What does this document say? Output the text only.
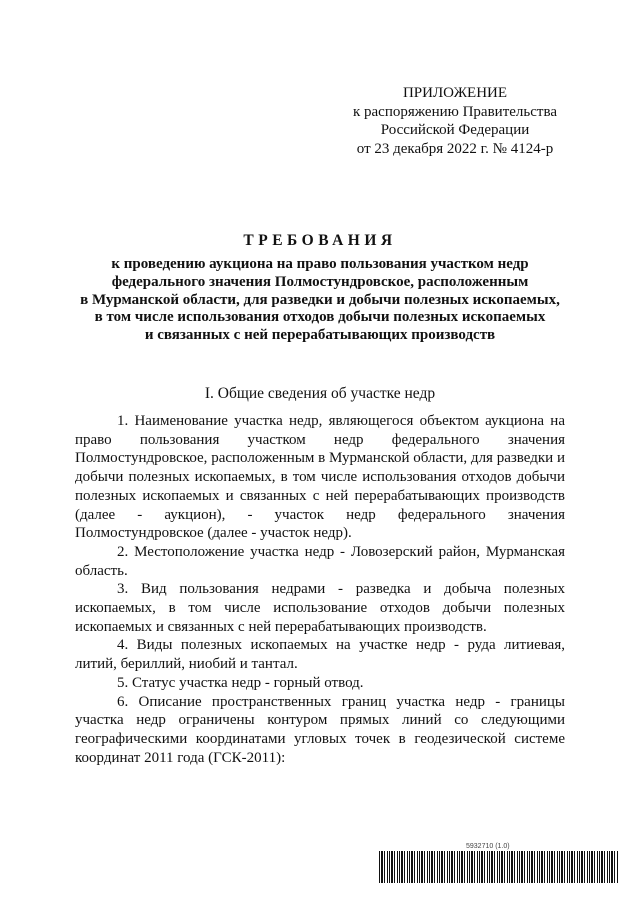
ПРИЛОЖЕНИЕ
к распоряжению Правительства
Российской Федерации
от 23 декабря 2022 г. № 4124-р
ТРЕБОВАНИЯ
к проведению аукциона на право пользования участком недр
федерального значения Полмостундровское, расположенным
в Мурманской области, для разведки и добычи полезных ископаемых,
в том числе использования отходов добычи полезных ископаемых
и связанных с ней перерабатывающих производств
I. Общие сведения об участке недр

1. Наименование участка недр, являющегося объектом аукциона на право пользования участком недр федерального значения Полмостундровское, расположенным в Мурманской области, для разведки и добычи полезных ископаемых, в том числе использования отходов добычи полезных ископаемых и связанных с ней перерабатывающих производств (далее - аукцион), - участок недр федерального значения Полмостундровское (далее - участок недр).

2. Местоположение участка недр - Ловозерский район, Мурманская область.

3. Вид пользования недрами - разведка и добыча полезных ископаемых, в том числе использование отходов добычи полезных ископаемых и связанных с ней перерабатывающих производств.

4. Виды полезных ископаемых на участке недр - руда литиевая, литий, бериллий, ниобий и тантал.

5. Статус участка недр - горный отвод.

6. Описание пространственных границ участка недр - границы участка недр ограничены контуром прямых линий со следующими географическими координатами угловых точек в геодезической системе координат 2011 года (ГСК-2011):

5932710 (1.0)
